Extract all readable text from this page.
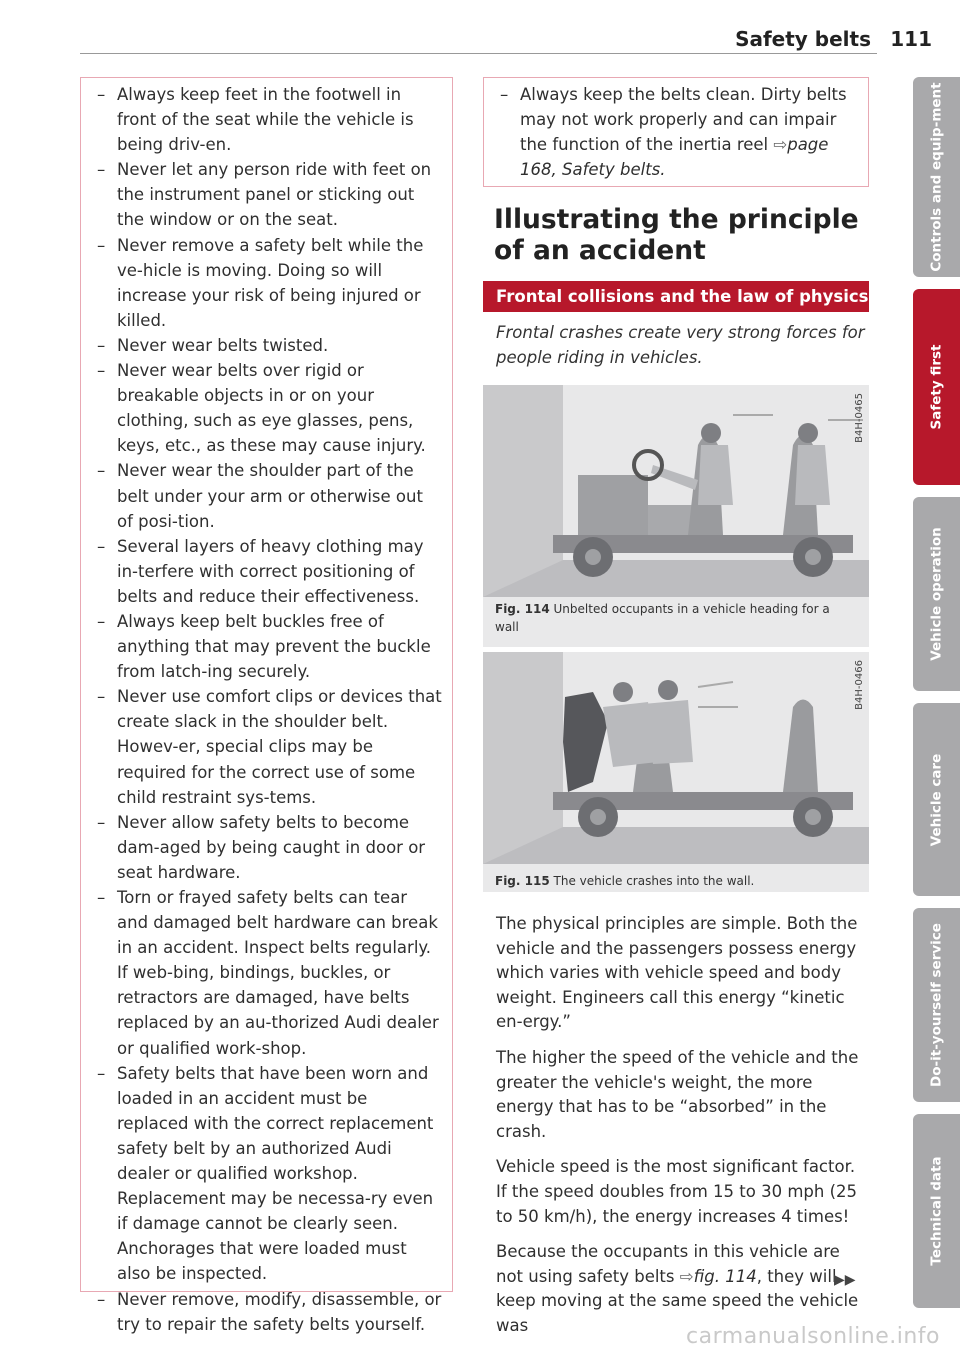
Safety belts 111
– Always keep feet in the footwell in front of the seat while the vehicle is being driv-en.
– Never let any person ride with feet on the instrument panel or sticking out the window or on the seat.
– Never remove a safety belt while the ve-hicle is moving. Doing so will increase your risk of being injured or killed.
– Never wear belts twisted.
– Never wear belts over rigid or breakable objects in or on your clothing, such as eye glasses, pens, keys, etc., as these may cause injury.
– Never wear the shoulder part of the belt under your arm or otherwise out of posi-tion.
– Several layers of heavy clothing may in-terfere with correct positioning of belts and reduce their effectiveness.
– Always keep belt buckles free of anything that may prevent the buckle from latch-ing securely.
– Never use comfort clips or devices that create slack in the shoulder belt. Howev-er, special clips may be required for the correct use of some child restraint sys-tems.
– Never allow safety belts to become dam-aged by being caught in door or seat hardware.
– Torn or frayed safety belts can tear and damaged belt hardware can break in an accident. Inspect belts regularly. If web-bing, bindings, buckles, or retractors are damaged, have belts replaced by an au-thorized Audi dealer or qualified work-shop.
– Safety belts that have been worn and loaded in an accident must be replaced with the correct replacement safety belt by an authorized Audi dealer or qualified workshop. Replacement may be necessa-ry even if damage cannot be clearly seen. Anchorages that were loaded must also be inspected.
– Never remove, modify, disassemble, or try to repair the safety belts yourself.
– Always keep the belts clean. Dirty belts may not work properly and can impair the function of the inertia reel ⇨page 168, Safety belts.
Illustrating the principle of an accident
Frontal collisions and the law of physics
Frontal crashes create very strong forces for people riding in vehicles.
B4H-0465
Fig. 114 Unbelted occupants in a vehicle heading for a wall
B4H-0466
Fig. 115 The vehicle crashes into the wall.

The physical principles are simple. Both the vehicle and the passengers possess energy which varies with vehicle speed and body weight. Engineers call this energy “kinetic en-ergy.”

The higher the speed of the vehicle and the greater the vehicle's weight, the more energy that has to be “absorbed” in the crash.

Vehicle speed is the most significant factor. If the speed doubles from 15 to 30 mph (25 to 50 km/h), the energy increases 4 times!

Because the occupants in this vehicle are not using safety belts ⇨fig. 114, they will keep moving at the same speed the vehicle was

▶▶
Controls and equip-ment
Safety first
Vehicle operation
Vehicle care
Do-it-yourself service
Technical data
carmanualsonline.info
